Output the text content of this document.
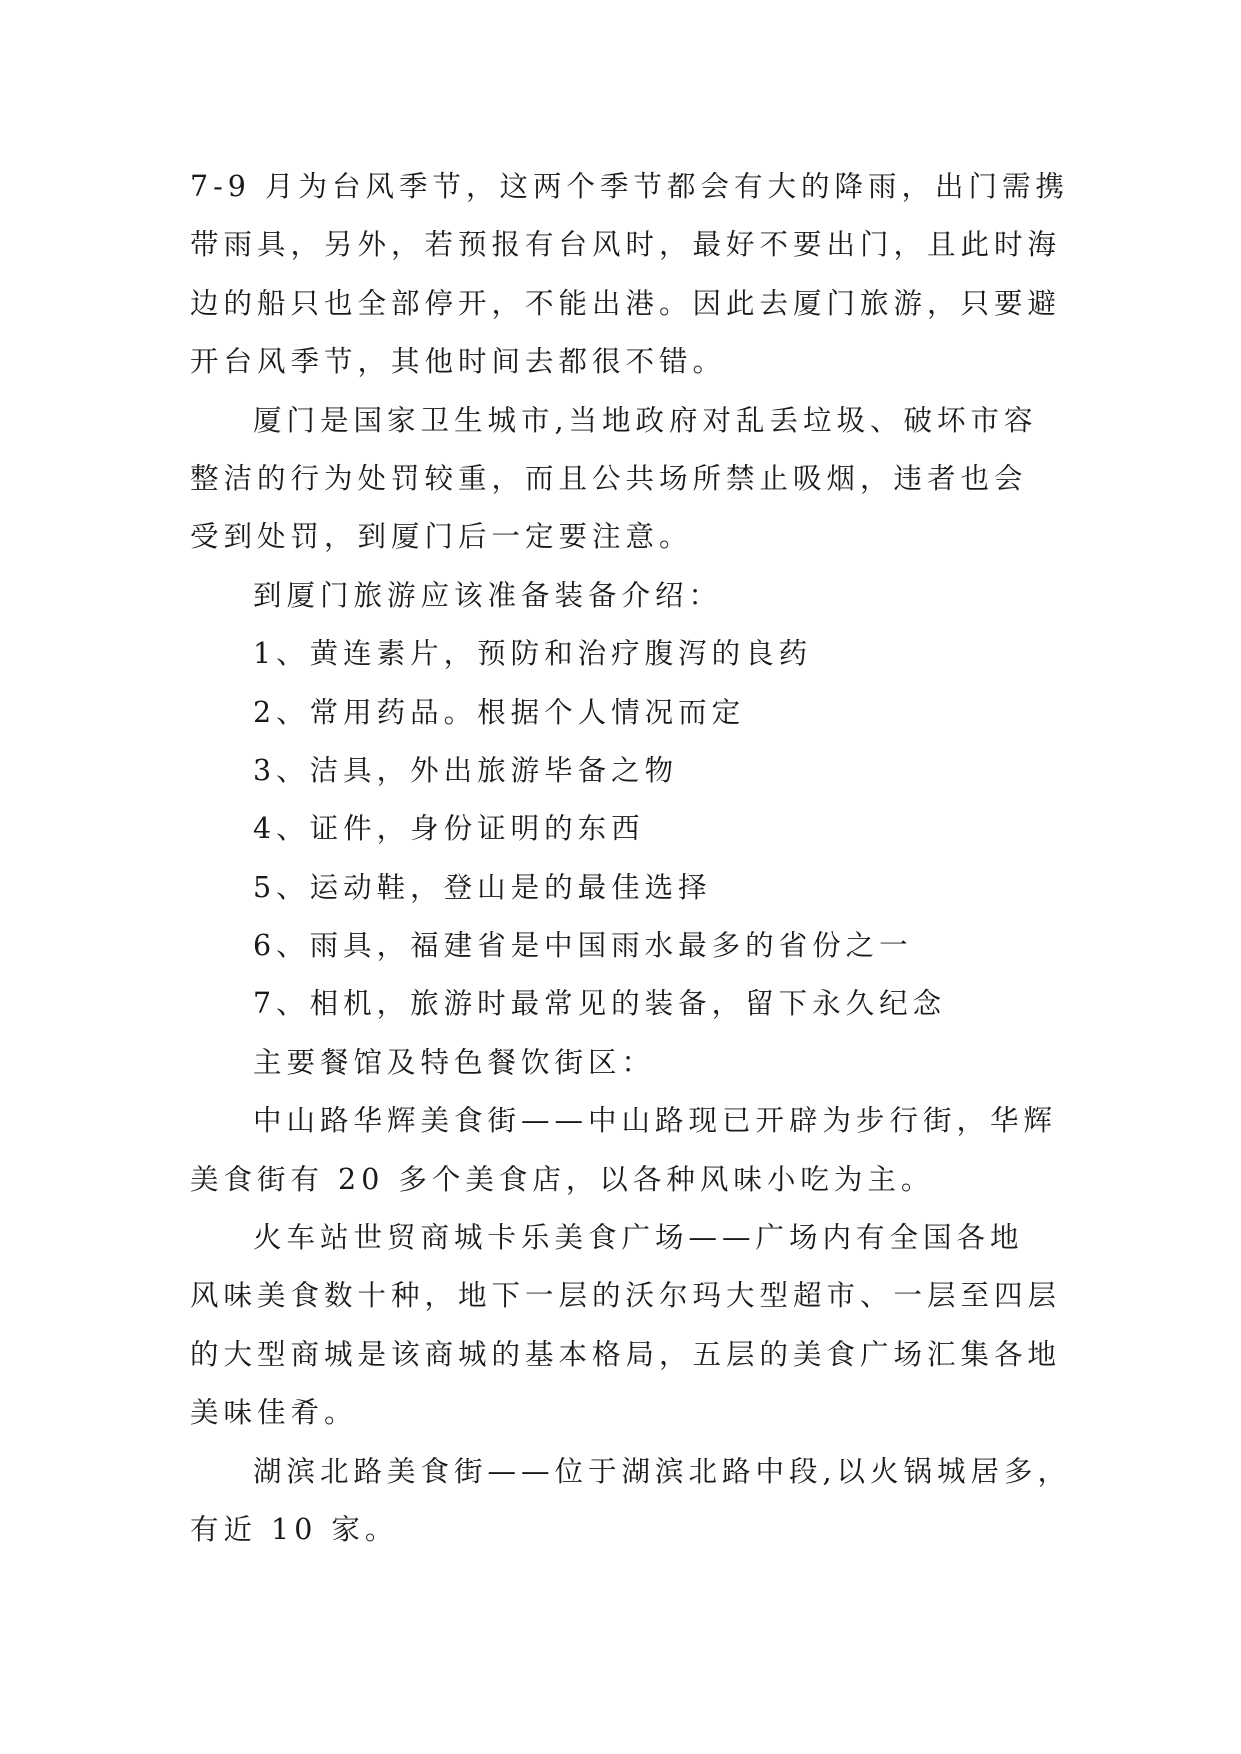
7-9 月为台风季节，这两个季节都会有大的降雨，出门需携
带雨具，另外，若预报有台风时，最好不要出门，且此时海
边的船只也全部停开，不能出港。因此去厦门旅游，只要避
开台风季节，其他时间去都很不错。
厦门是国家卫生城市,当地政府对乱丢垃圾、破坏市容
整洁的行为处罚较重，而且公共场所禁止吸烟，违者也会
受到处罚，到厦门后一定要注意。
到厦门旅游应该准备装备介绍：
1、黄连素片，预防和治疗腹泻的良药
2、常用药品。根据个人情况而定
3、洁具，外出旅游毕备之物
4、证件，身份证明的东西
5、运动鞋，登山是的最佳选择
6、雨具，福建省是中国雨水最多的省份之一
7、相机，旅游时最常见的装备，留下永久纪念
主要餐馆及特色餐饮街区：
中山路华辉美食街——中山路现已开辟为步行街，华辉
美食街有 20 多个美食店，以各种风味小吃为主。
火车站世贸商城卡乐美食广场——广场内有全国各地
风味美食数十种，地下一层的沃尔玛大型超市、一层至四层
的大型商城是该商城的基本格局，五层的美食广场汇集各地
美味佳肴。
湖滨北路美食街——位于湖滨北路中段,以火锅城居多，
有近 10 家。
